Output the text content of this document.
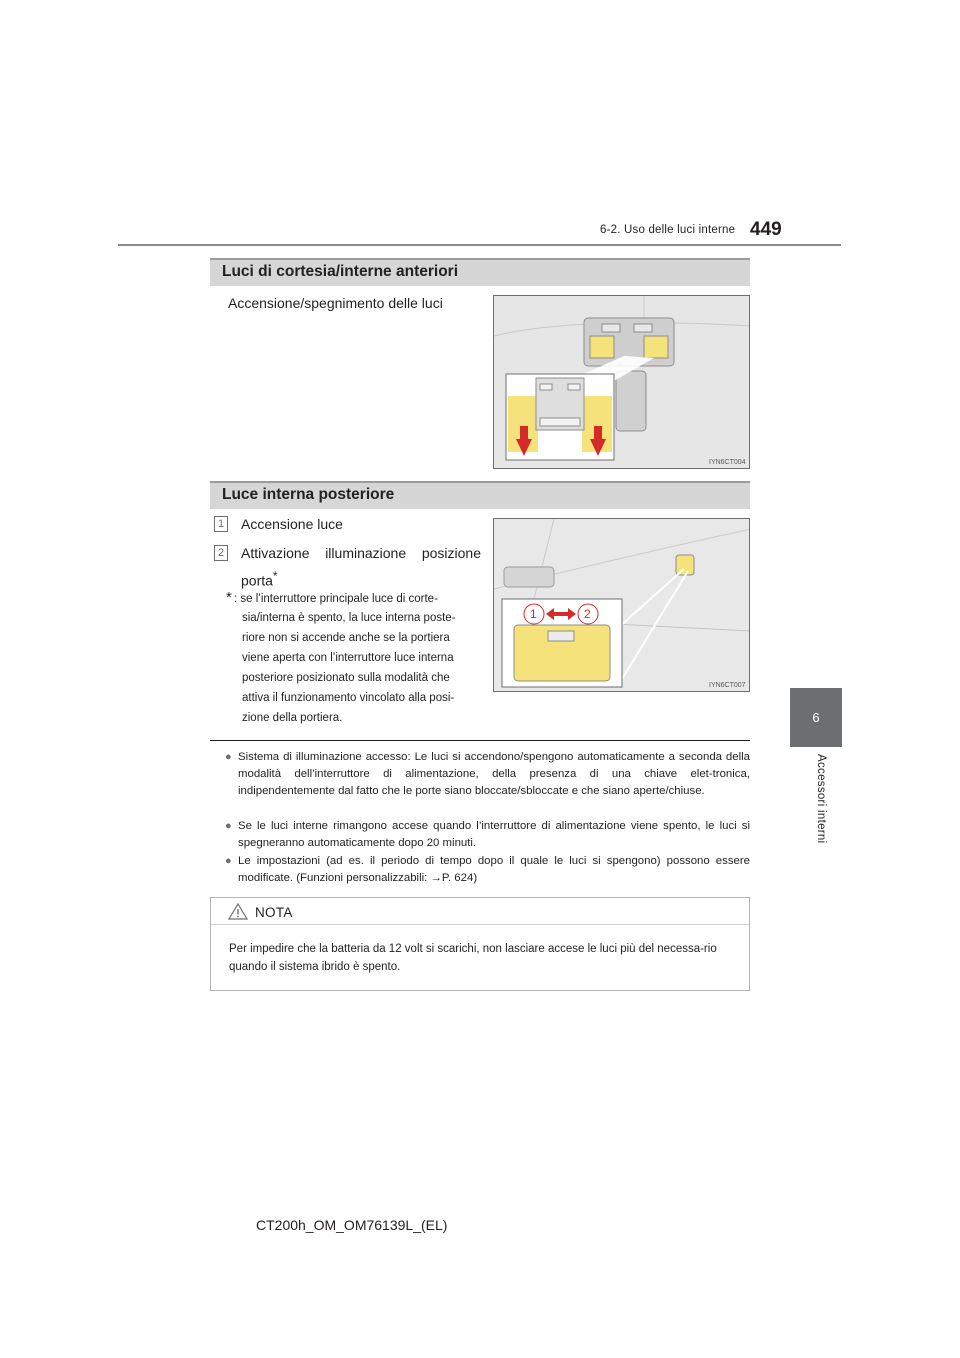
6-2. Uso delle luci interne 449
6
Accessori interni
Luci di cortesia/interne anteriori
Accensione/spegnimento delle luci
IYN6CT004
Luce interna posteriore
1 Accensione luce
2 Attivazione illuminazione posizione porta*
* : se l’interruttore principale luce di corte-
sia/interna è spento, la luce interna poste-
riore non si accende anche se la portiera
viene aperta con l’interruttore luce interna
posteriore posizionato sulla modalità che
attiva il funzionamento vincolato alla posi-
zione della portiera.
1	2
IYN6CT007
● Sistema di illuminazione accesso: Le luci si accendono/spengono automaticamente a seconda della modalità dell’interruttore di alimentazione, della presenza di una chiave elet-tronica, indipendentemente dal fatto che le porte siano bloccate/sbloccate e che siano aperte/chiuse.
● Se le luci interne rimangono accese quando l’interruttore di alimentazione viene spento, le luci si spegneranno automaticamente dopo 20 minuti.
● Le impostazioni (ad es. il periodo di tempo dopo il quale le luci si spengono) possono essere modificate. (Funzioni personalizzabili: →P. 624)
NOTA
Per impedire che la batteria da 12 volt si scarichi, non lasciare accese le luci più del necessa-rio quando il sistema ibrido è spento.
CT200h_OM_OM76139L_(EL)
